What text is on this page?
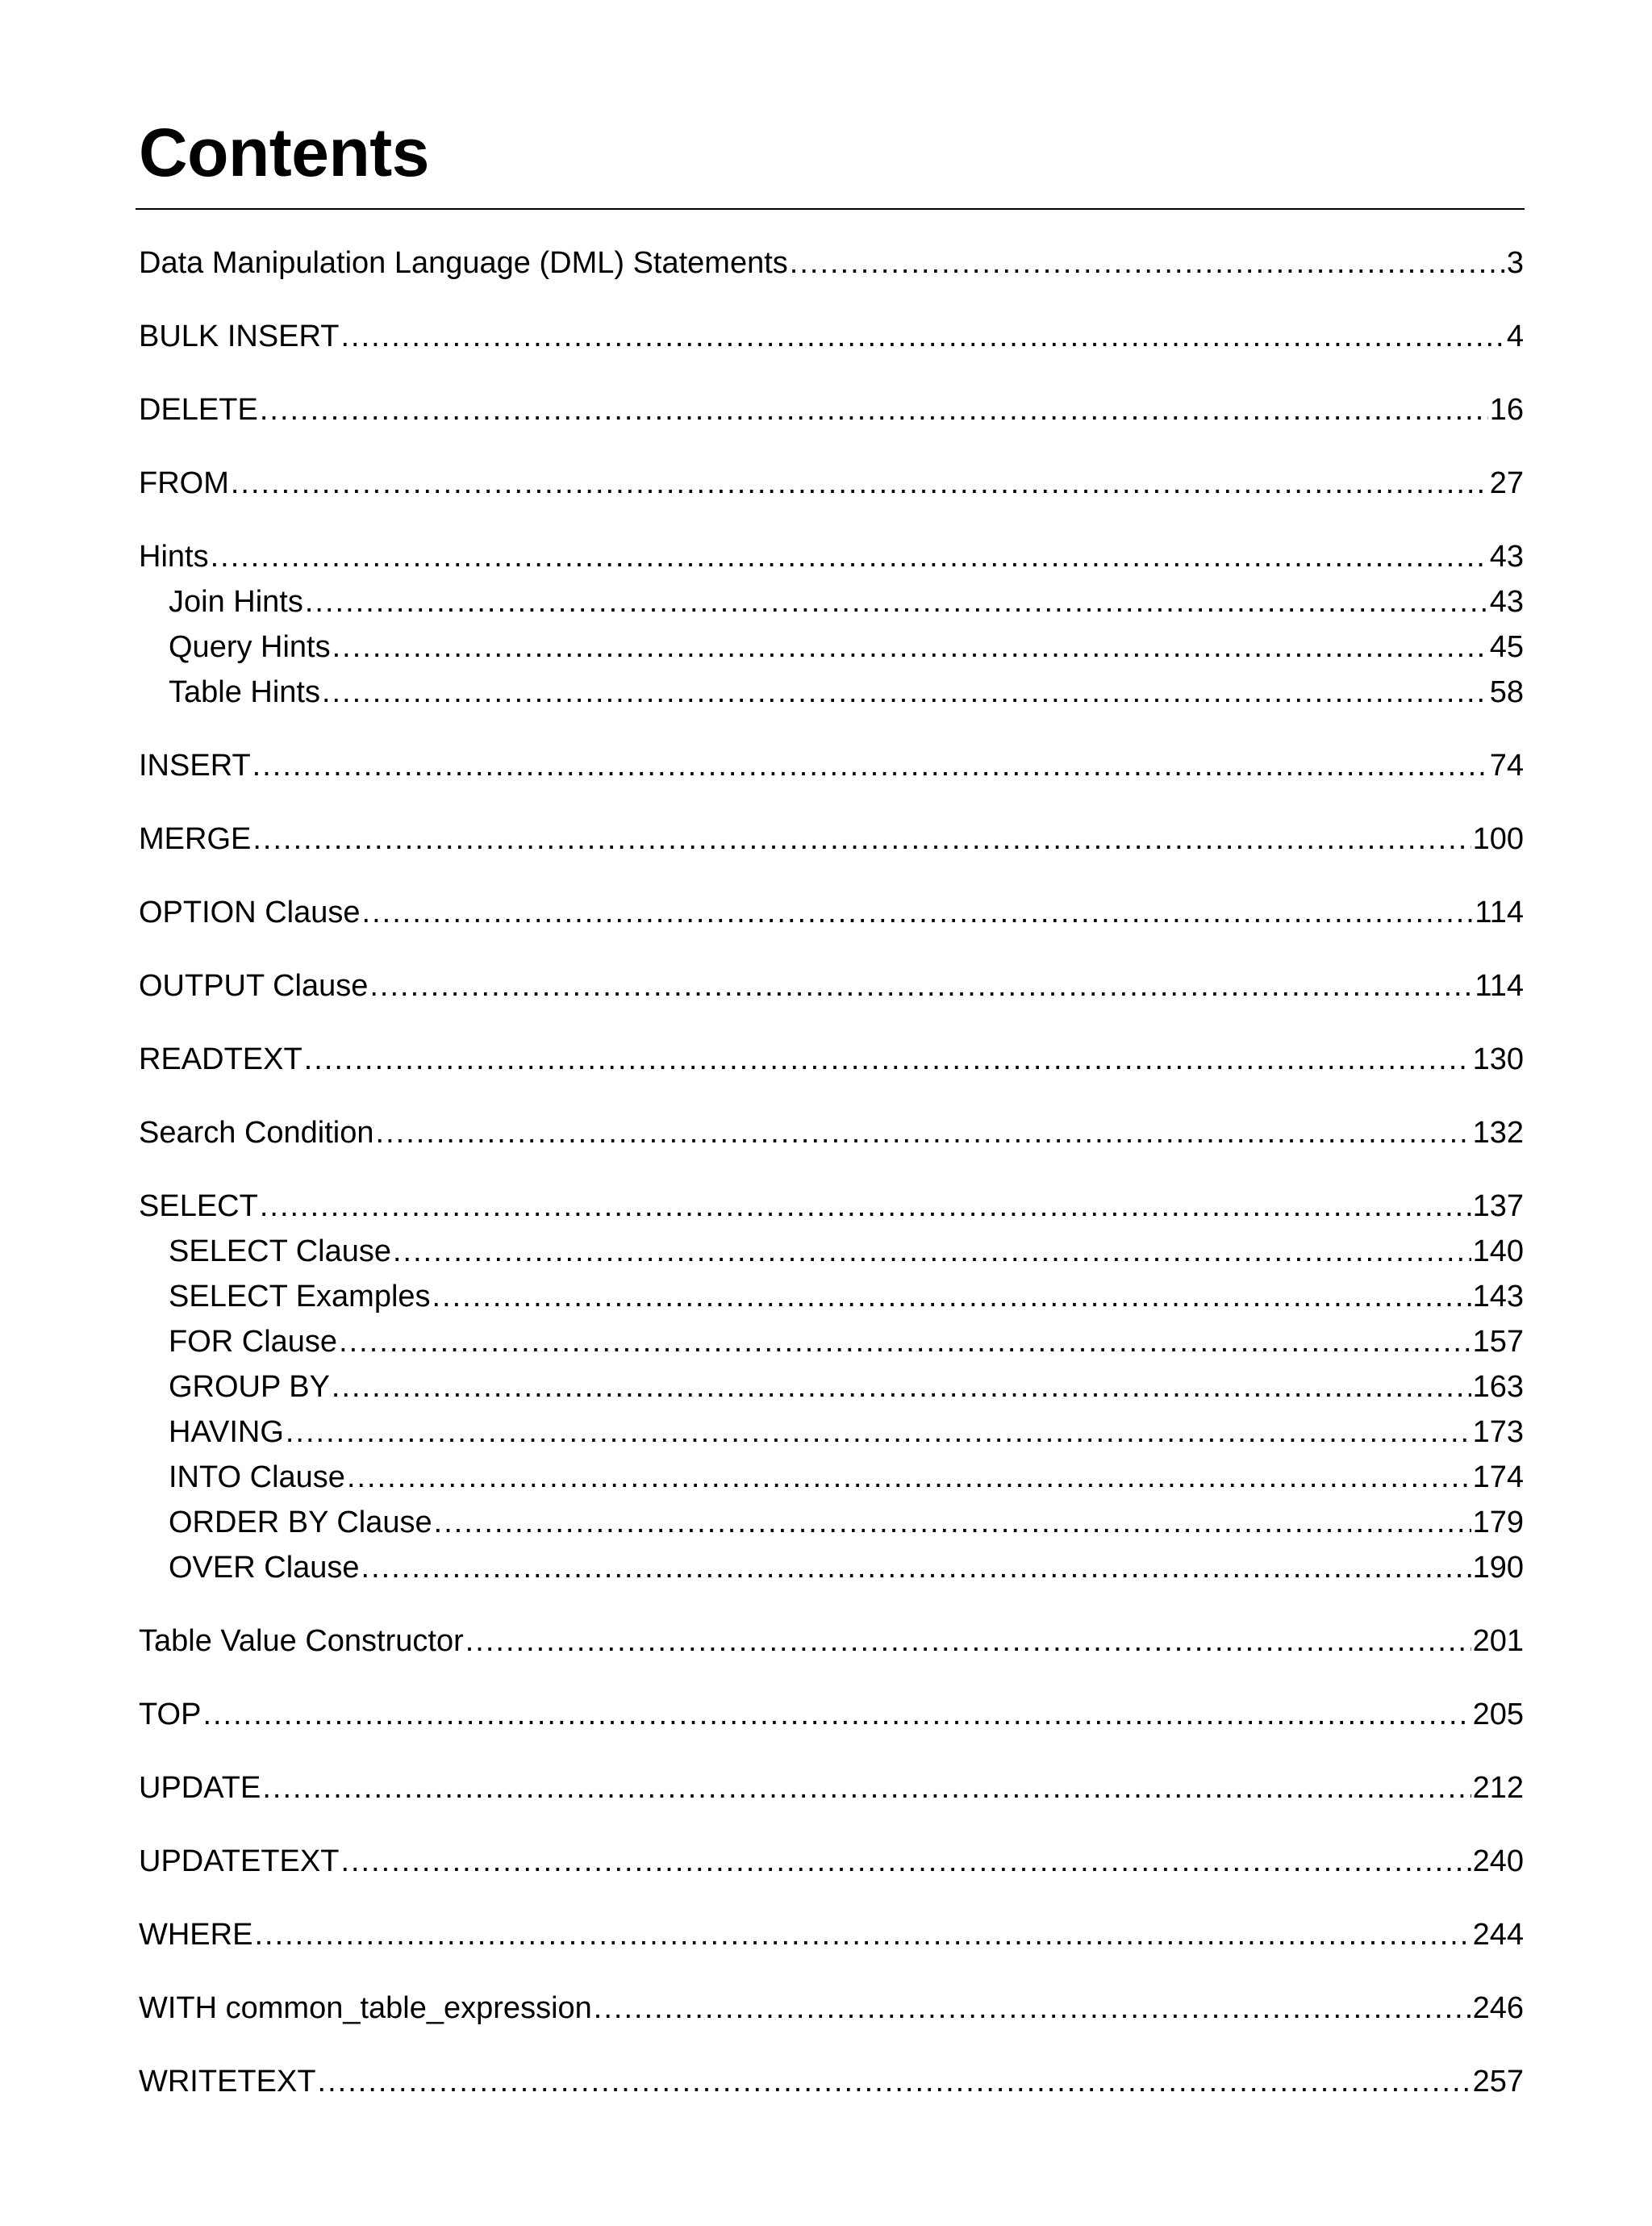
Contents
Data Manipulation Language (DML) Statements .....	3
BULK INSERT .....	4
DELETE .....	16
FROM .....	27
Hints .....	43
Join Hints .....	43
Query Hints .....	45
Table Hints .....	58
INSERT .....	74
MERGE .....	100
OPTION Clause .....	114
OUTPUT Clause .....	114
READTEXT .....	130
Search Condition .....	132
SELECT .....	137
SELECT Clause .....	140
SELECT Examples .....	143
FOR Clause .....	157
GROUP BY .....	163
HAVING .....	173
INTO Clause .....	174
ORDER BY Clause .....	179
OVER Clause .....	190
Table Value Constructor .....	201
TOP .....	205
UPDATE .....	212
UPDATETEXT .....	240
WHERE .....	244
WITH common_table_expression .....	246
WRITETEXT .....	257
